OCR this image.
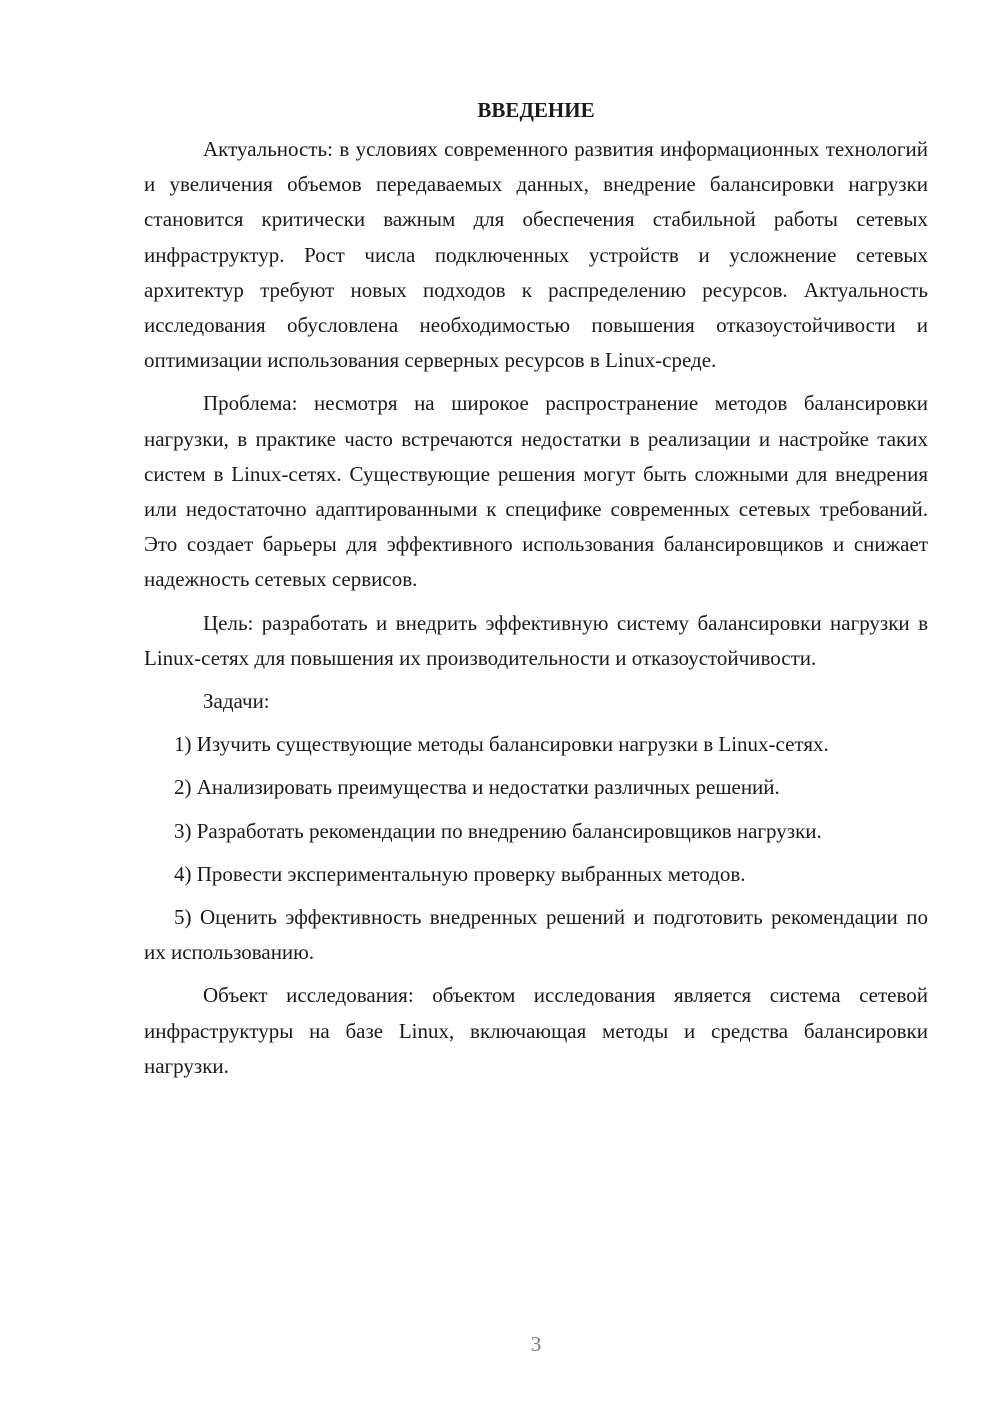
ВВЕДЕНИЕ

Актуальность: в условиях современного развития информационных технологий и увеличения объемов передаваемых данных, внедрение балансировки нагрузки становится критически важным для обеспечения стабильной работы сетевых инфраструктур. Рост числа подключенных устройств и усложнение сетевых архитектур требуют новых подходов к распределению ресурсов. Актуальность исследования обусловлена необходимостью повышения отказоустойчивости и оптимизации использования серверных ресурсов в Linux-среде.

Проблема: несмотря на широкое распространение методов балансировки нагрузки, в практике часто встречаются недостатки в реализации и настройке таких систем в Linux-сетях. Существующие решения могут быть сложными для внедрения или недостаточно адаптированными к специфике современных сетевых требований. Это создает барьеры для эффективного использования балансировщиков и снижает надежность сетевых сервисов.

Цель: разработать и внедрить эффективную систему балансировки нагрузки в Linux-сетях для повышения их производительности и отказоустойчивости.

Задачи:

1) Изучить существующие методы балансировки нагрузки в Linux-сетях.

2) Анализировать преимущества и недостатки различных решений.

3) Разработать рекомендации по внедрению балансировщиков нагрузки.

4) Провести экспериментальную проверку выбранных методов.

5) Оценить эффективность внедренных решений и подготовить рекомендации по их использованию.

Объект исследования: объектом исследования является система сетевой инфраструктуры на базе Linux, включающая методы и средства балансировки нагрузки.

3
